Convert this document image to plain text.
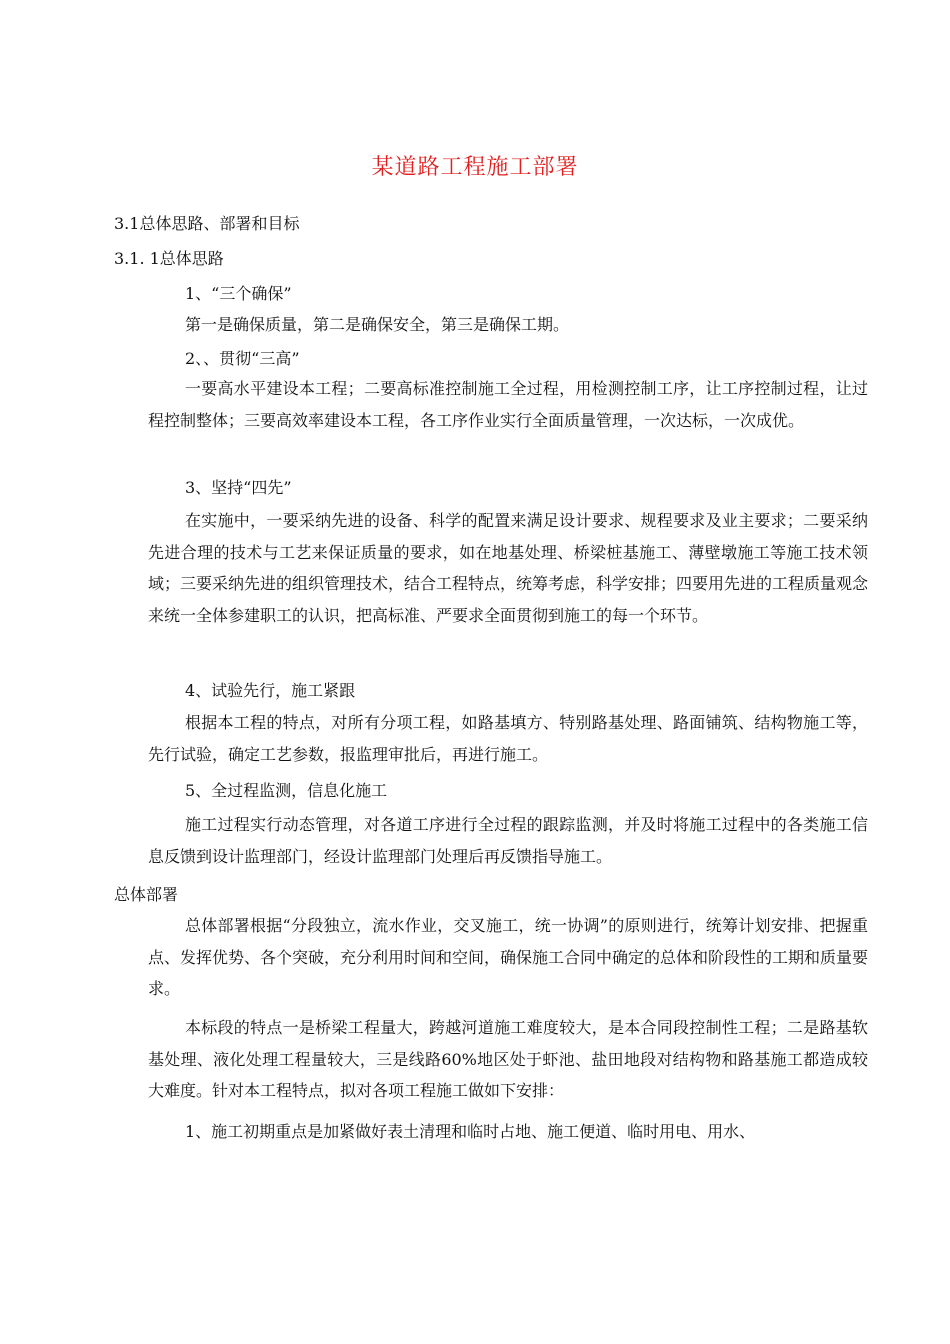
某道路工程施工部署
3.1总体思路、部署和目标
3.1. 1总体思路
1、“三个确保”
第一是确保质量，第二是确保安全，第三是确保工期。
2、、贯彻“三高”
一要高水平建设本工程；二要高标准控制施工全过程，用检测控制工序，让工序控制过程，让过程控制整体；三要高效率建设本工程，各工序作业实行全面质量管理，一次达标，一次成优。
3、坚持“四先”
在实施中，一要采纳先进的设备、科学的配置来满足设计要求、规程要求及业主要求；二要采纳先进合理的技术与工艺来保证质量的要求，如在地基处理、桥梁桩基施工、薄壁墩施工等施工技术领域；三要采纳先进的组织管理技术，结合工程特点，统筹考虑，科学安排；四要用先进的工程质量观念来统一全体参建职工的认识，把高标准、严要求全面贯彻到施工的每一个环节。
4、试验先行，施工紧跟
根据本工程的特点，对所有分项工程，如路基填方、特别路基处理、路面铺筑、结构物施工等，先行试验，确定工艺参数，报监理审批后，再进行施工。
5、全过程监测，信息化施工
施工过程实行动态管理，对各道工序进行全过程的跟踪监测，并及时将施工过程中的各类施工信息反馈到设计监理部门，经设计监理部门处理后再反馈指导施工。
总体部署
总体部署根据“分段独立，流水作业，交叉施工，统一协调”的原则进行，统筹计划安排、把握重点、发挥优势、各个突破，充分利用时间和空间，确保施工合同中确定的总体和阶段性的工期和质量要求。
本标段的特点一是桥梁工程量大，跨越河道施工难度较大，是本合同段控制性工程；二是路基软基处理、液化处理工程量较大，三是线路60%地区处于虾池、盐田地段对结构物和路基施工都造成较大难度。针对本工程特点，拟对各项工程施工做如下安排：
1、施工初期重点是加紧做好表土清理和临时占地、施工便道、临时用电、用水、
